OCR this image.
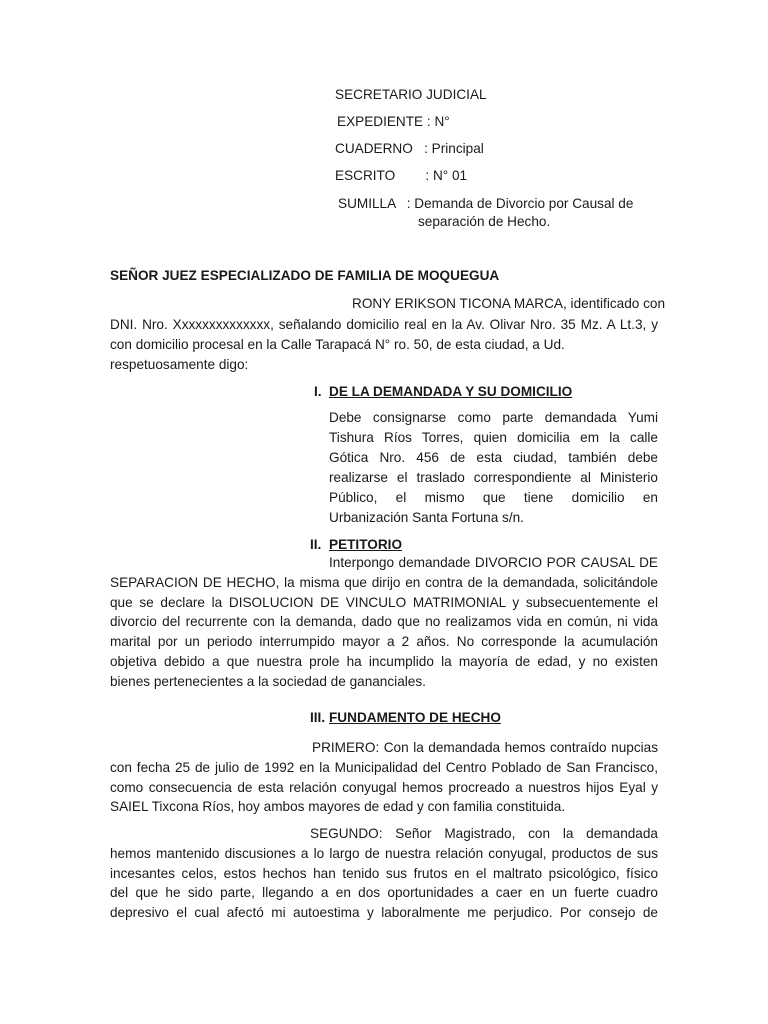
SECRETARIO JUDICIAL
EXPEDIENTE : N°
CUADERNO   : Principal
ESCRITO        : N° 01
SUMILLA   : Demanda de Divorcio por Causal de
separación de Hecho.
SEÑOR JUEZ ESPECIALIZADO DE FAMILIA DE MOQUEGUA
RONY ERIKSON TICONA MARCA, identificado con
DNI. Nro. Xxxxxxxxxxxxxx, señalando domicilio real en la Av. Olivar Nro. 35 Mz. A Lt.3, y
con domicilio procesal en la Calle Tarapacá N° ro. 50, de esta ciudad, a Ud.
respetuosamente digo:
I. DE LA DEMANDADA Y SU DOMICILIO
Debe consignarse como parte demandada Yumi
Tishura Ríos Torres, quien domicilia em la calle
Gótica Nro. 456 de esta ciudad, también debe
realizarse el traslado correspondiente al Ministerio
Público, el mismo que tiene domicilio en
Urbanización Santa Fortuna s/n.
II. PETITORIO
Interpongo demandade DIVORCIO POR CAUSAL DE
SEPARACION DE HECHO, la misma que dirijo en contra de la demandada, solicitándole
que se declare la DISOLUCION DE VINCULO MATRIMONIAL y subsecuentemente el
divorcio del recurrente con la demanda, dado que no realizamos vida en común, ni vida
marital por un periodo interrumpido mayor a 2 años. No corresponde la acumulación
objetiva debido a que nuestra prole ha incumplido la mayoría de edad, y no existen
bienes pertenecientes a la sociedad de gananciales.
III. FUNDAMENTO DE HECHO
PRIMERO: Con la demandada hemos contraído nupcias
con fecha 25 de julio de 1992 en la Municipalidad del Centro Poblado de San Francisco,
como consecuencia de esta relación conyugal hemos procreado a nuestros hijos Eyal y
SAIEL Tixcona Ríos, hoy ambos mayores de edad y con familia constituida.
SEGUNDO: Señor Magistrado, con la demandada
hemos mantenido discusiones a lo largo de nuestra relación conyugal, productos de sus
incesantes celos, estos hechos han tenido sus frutos en el maltrato psicológico, físico
del que he sido parte, llegando a en dos oportunidades a caer en un fuerte cuadro
depresivo el cual afectó mi autoestima y laboralmente me perjudico. Por consejo de
